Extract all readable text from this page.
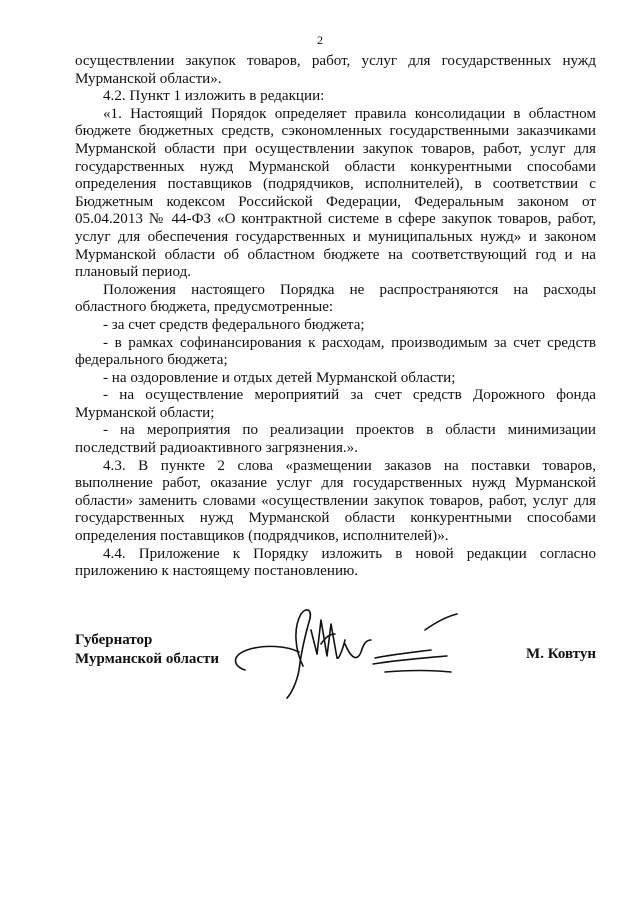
2

осуществлении закупок товаров, работ, услуг для государственных нужд Мурманской области».

4.2. Пункт 1 изложить в редакции:

«1. Настоящий Порядок определяет правила консолидации в областном бюджете бюджетных средств, сэкономленных государственными заказчиками Мурманской области при осуществлении закупок товаров, работ, услуг для государственных нужд Мурманской области конкурентными способами определения поставщиков (подрядчиков, исполнителей), в соответствии с Бюджетным кодексом Российской Федерации, Федеральным законом от 05.04.2013 № 44-ФЗ «О контрактной системе в сфере закупок товаров, работ, услуг для обеспечения государственных и муниципальных нужд» и законом Мурманской области об областном бюджете на соответствующий год и на плановый период.

Положения настоящего Порядка не распространяются на расходы областного бюджета, предусмотренные:

- за счет средств федерального бюджета;

- в рамках софинансирования к расходам, производимым за счет средств федерального бюджета;

- на оздоровление и отдых детей Мурманской области;

- на осуществление мероприятий за счет средств Дорожного фонда Мурманской области;

- на мероприятия по реализации проектов в области минимизации последствий радиоактивного загрязнения.».

4.3. В пункте 2 слова «размещении заказов на поставки товаров, выполнение работ, оказание услуг для государственных нужд Мурманской области» заменить словами «осуществлении закупок товаров, работ, услуг для государственных нужд Мурманской области конкурентными способами определения поставщиков (подрядчиков, исполнителей)».

4.4. Приложение к Порядку изложить в новой редакции согласно приложению к настоящему постановлению.

Губернатор
Мурманской области	М. Ковтун
